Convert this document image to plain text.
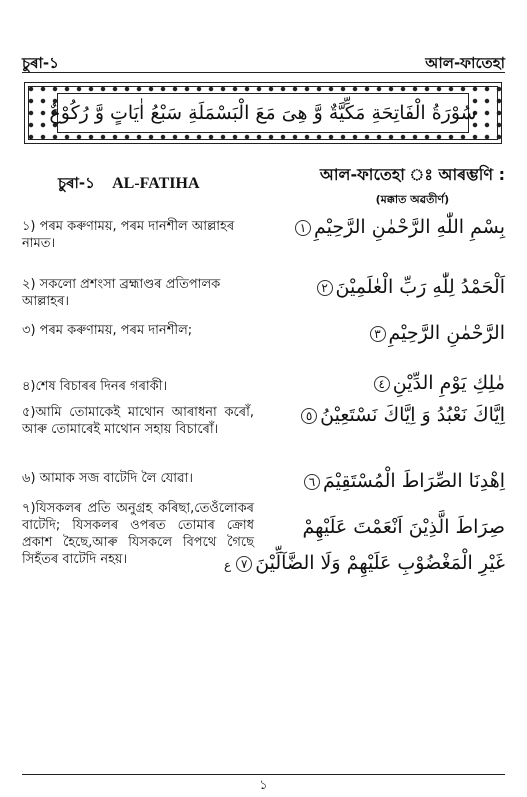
চুৰা-১	আল-ফাতেহা
سُوْرَةُ الْفَاتِحَةِ مَكِّيَّةٌ وَّ هِىَ مَعَ الْبَسْمَلَةِ سَبْعُ اٰيَاتٍ وَّ رُكُوْعٌ
চুৰা-১ AL-FATIHA	আল-ফাতেহা ঃ আৰম্ভণি :
(মক্কাত অৱতীৰ্ণ)
১) পৰম কৰুণাময়, পৰম দানশীল আল্লাহৰ নামত।
بِسْمِ اللّٰهِ الرَّحْمٰنِ الرَّحِيْمِ١
২) সকলো প্ৰশংসা ব্ৰহ্মাণ্ডৰ প্ৰতিপালক আল্লাহৰ।
اَلْحَمْدُ لِلّٰهِ رَبِّ الْعٰلَمِيْنَ٢
৩) পৰম কৰুণাময়, পৰম দানশীল;	الرَّحْمٰنِ الرَّحِيْمِ٣
৪)শেষ বিচাৰৰ দিনৰ গৰাকী।	مٰلِكِ يَوْمِ الدِّيْنِ٤
৫)আমি তোমাকেই মাথোন আৰাধনা কৰোঁ, আৰু তোমাৰেই মাথোন সহায় বিচাৰোঁ।
اِيَّاكَ نَعْبُدُ وَ اِيَّاكَ نَسْتَعِيْنُ٥
৬) আমাক সজ বাটেদি লৈ যোৱা।	اِهْدِنَا الصِّرَاطَ الْمُسْتَقِيْمَ٦
৭)যিসকলৰ প্ৰতি অনুগ্ৰহ কৰিছা,তেওঁলোকৰ বাটেদি; যিসকলৰ ওপৰত তোমাৰ ক্ৰোধ প্ৰকাশ হৈছে,আৰু যিসকলে বিপথে গৈছে সিহঁতৰ বাটেদি নহয়।
صِرَاطَ الَّذِيْنَ اَنْعَمْتَ عَلَيْهِمْ
غَيْرِ الْمَغْضُوْبِ عَلَيْهِمْ وَلَا الضَّآلِّيْنَ٧ع
১
